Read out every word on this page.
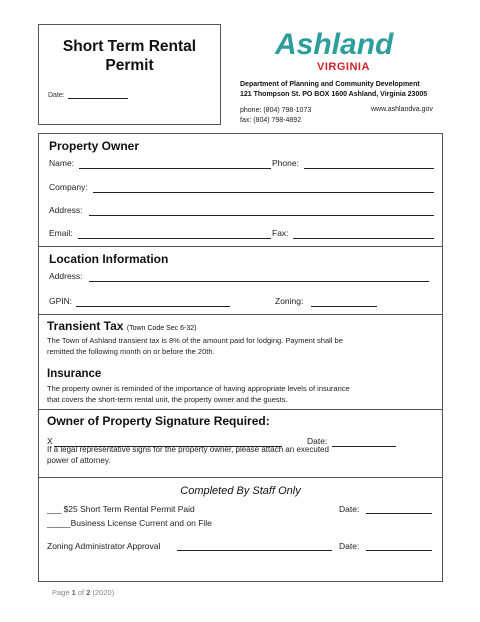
Short Term Rental
Permit
Date:
Ashland
VIRGINIA
Department of Planning and Community Development
121 Thompson St. PO BOX 1600 Ashland, Virginia 23005
phone: (804) 798-1073
fax: (804) 798-4892
www.ashlandva.gov
Property Owner
Name:	Phone:
Company:
Address:
Email:	Fax:
Location Information
Address:
GPIN:	Zoning:
Transient Tax (Town Code Sec 6-32)
The Town of Ashland transient tax is 8% of the amount paid for lodging. Payment shall be
remitted the following month on or before the 20th.
Insurance
The property owner is reminded of the importance of having appropriate levels of insurance
that covers the short-term rental unit, the property owner and the guests.
Owner of Property Signature Required:
X	Date:
If a legal representative signs for the property owner, please attach an executed
power of attorney.
Completed By Staff Only
___ $25 Short Term Rental Permit Paid	Date:
_____Business License Current and on File
Zoning Administrator Approval	Date:
Page 1 of 2 (2020)
